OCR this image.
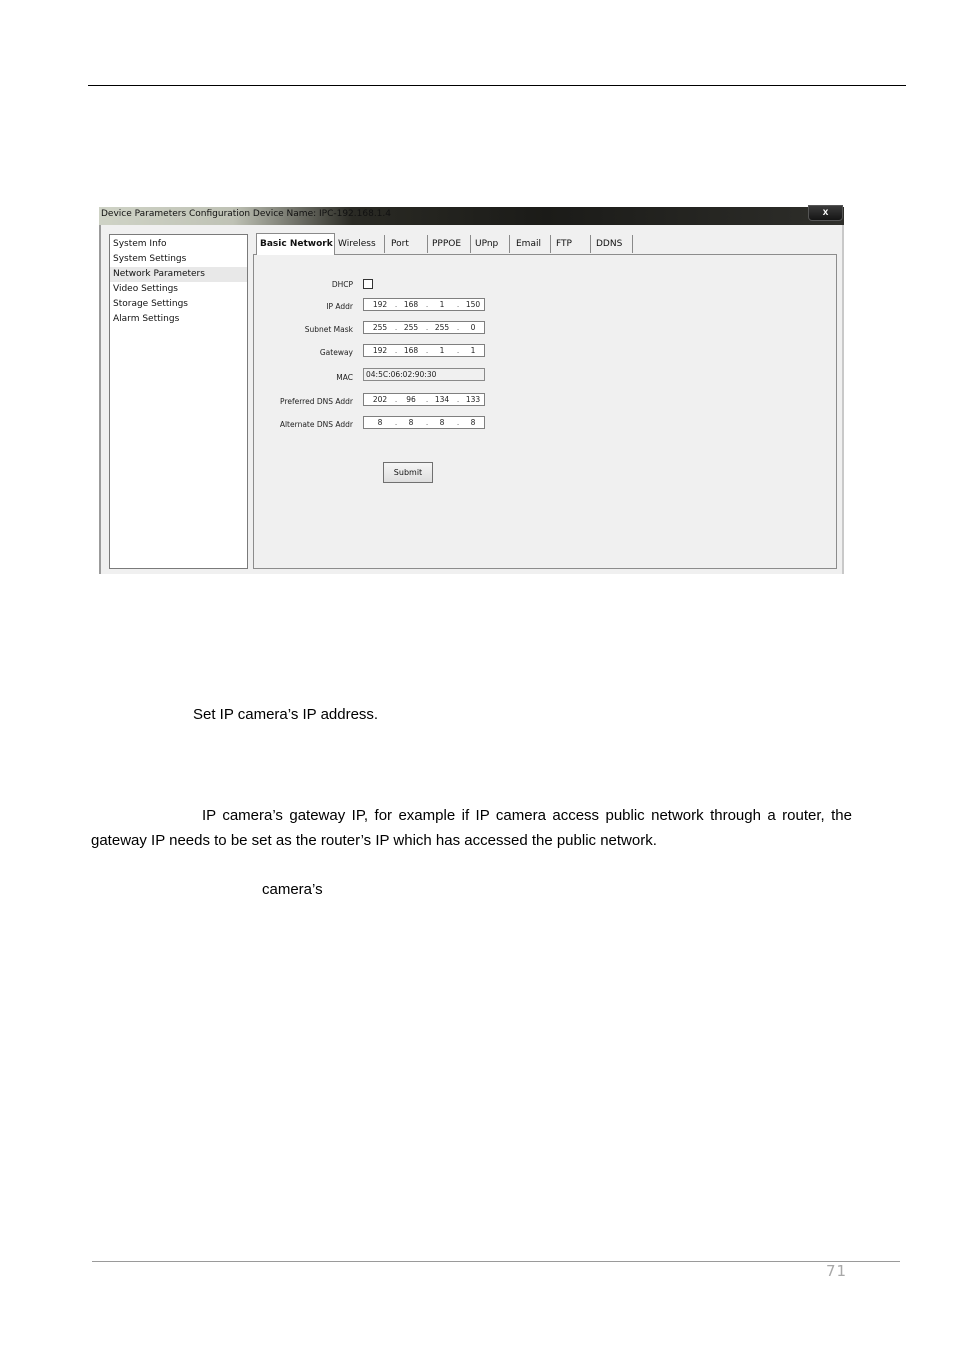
Device Parameters Configuration Device Name: IPC-192.168.1.4	x
System Info
System Settings
Network Parameters
Video Settings
Storage Settings
Alarm Settings
Basic Network Wireless	Port	PPPOE	UPnp	Email	FTP	DDNS
DHCP
IP Addr	192	. 168	.	1	. 150
Subnet Mask	255	. 255	. 255	.	0
Gateway	192	. 168	.	1	.	1
MAC	04:5C:06:02:90:30
Preferred DNS Addr	202	.	96	. 134	. 133
Alternate DNS Addr	8	.	8	.	8	.	8
Submit
Set IP camera’s IP address.
IP camera’s gateway IP, for example if IP camera access public network through a router, the gateway IP needs to be set as the router’s IP which has accessed the public network.
camera’s
71
